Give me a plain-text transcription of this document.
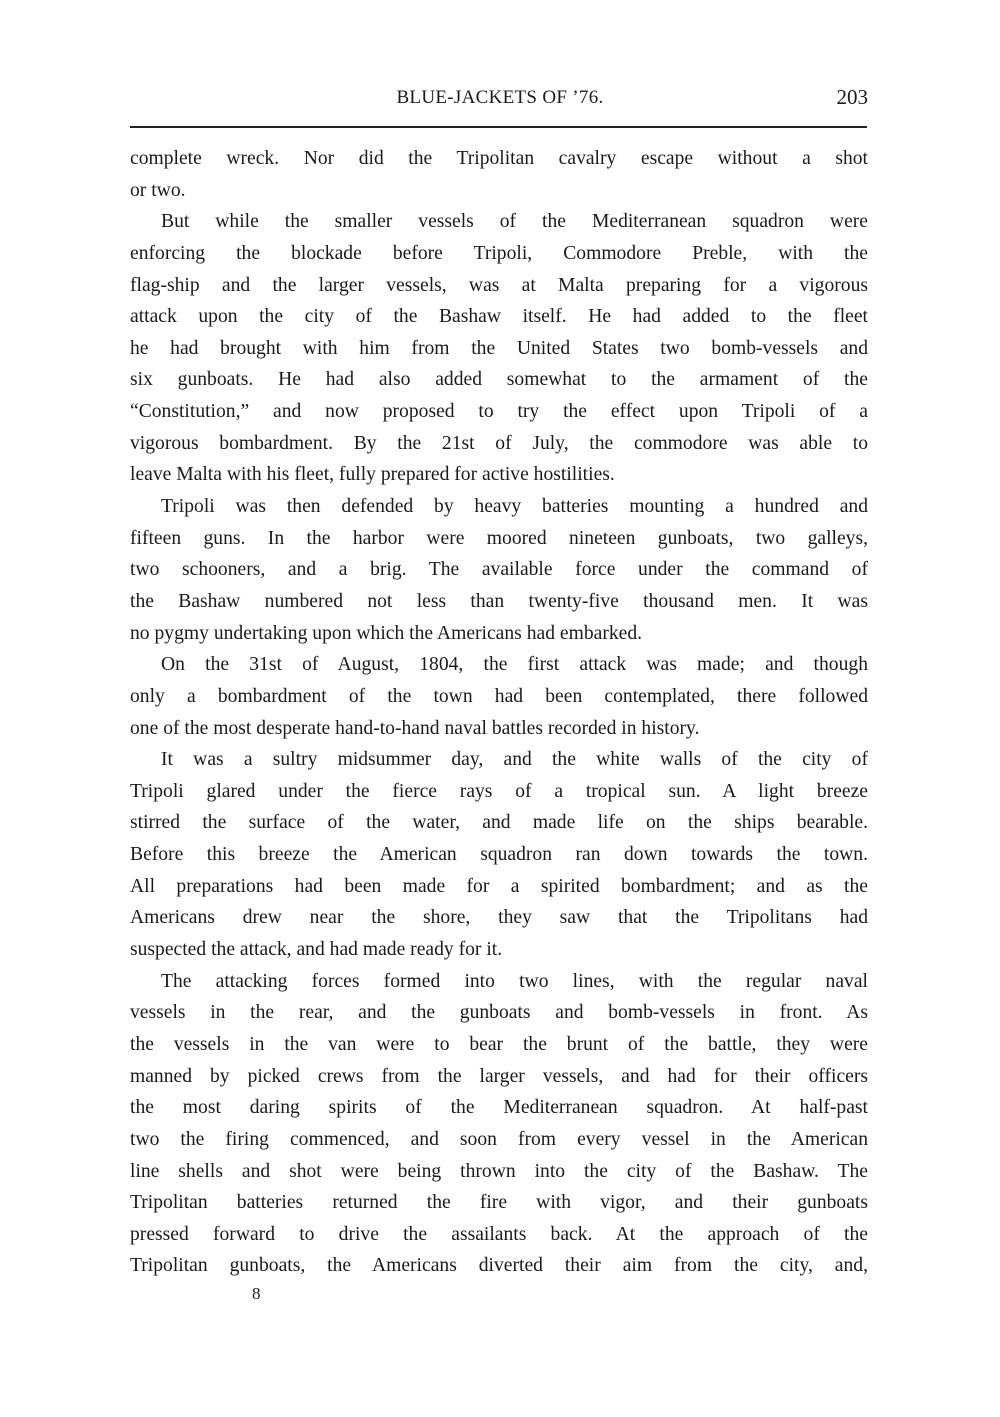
BLUE-JACKETS OF ’76.	203
complete wreck. Nor did the Tripolitan cavalry escape without a shot
or two.
But while the smaller vessels of the Mediterranean squadron were
enforcing the blockade before Tripoli, Commodore Preble, with the
flag-ship and the larger vessels, was at Malta preparing for a vigorous
attack upon the city of the Bashaw itself. He had added to the fleet
he had brought with him from the United States two bomb-vessels and
six gunboats. He had also added somewhat to the armament of the
“Constitution,” and now proposed to try the effect upon Tripoli of a
vigorous bombardment. By the 21st of July, the commodore was able to
leave Malta with his fleet, fully prepared for active hostilities.
Tripoli was then defended by heavy batteries mounting a hundred and
fifteen guns. In the harbor were moored nineteen gunboats, two galleys,
two schooners, and a brig. The available force under the command of
the Bashaw numbered not less than twenty-five thousand men. It was
no pygmy undertaking upon which the Americans had embarked.
On the 31st of August, 1804, the first attack was made; and though
only a bombardment of the town had been contemplated, there followed
one of the most desperate hand-to-hand naval battles recorded in history.
It was a sultry midsummer day, and the white walls of the city of
Tripoli glared under the fierce rays of a tropical sun. A light breeze
stirred the surface of the water, and made life on the ships bearable.
Before this breeze the American squadron ran down towards the town.
All preparations had been made for a spirited bombardment; and as the
Americans drew near the shore, they saw that the Tripolitans had
suspected the attack, and had made ready for it.
The attacking forces formed into two lines, with the regular naval
vessels in the rear, and the gunboats and bomb-vessels in front. As
the vessels in the van were to bear the brunt of the battle, they were
manned by picked crews from the larger vessels, and had for their officers
the most daring spirits of the Mediterranean squadron. At half-past
two the firing commenced, and soon from every vessel in the American
line shells and shot were being thrown into the city of the Bashaw. The
Tripolitan batteries returned the fire with vigor, and their gunboats
pressed forward to drive the assailants back. At the approach of the
Tripolitan gunboats, the Americans diverted their aim from the city, and,
8
